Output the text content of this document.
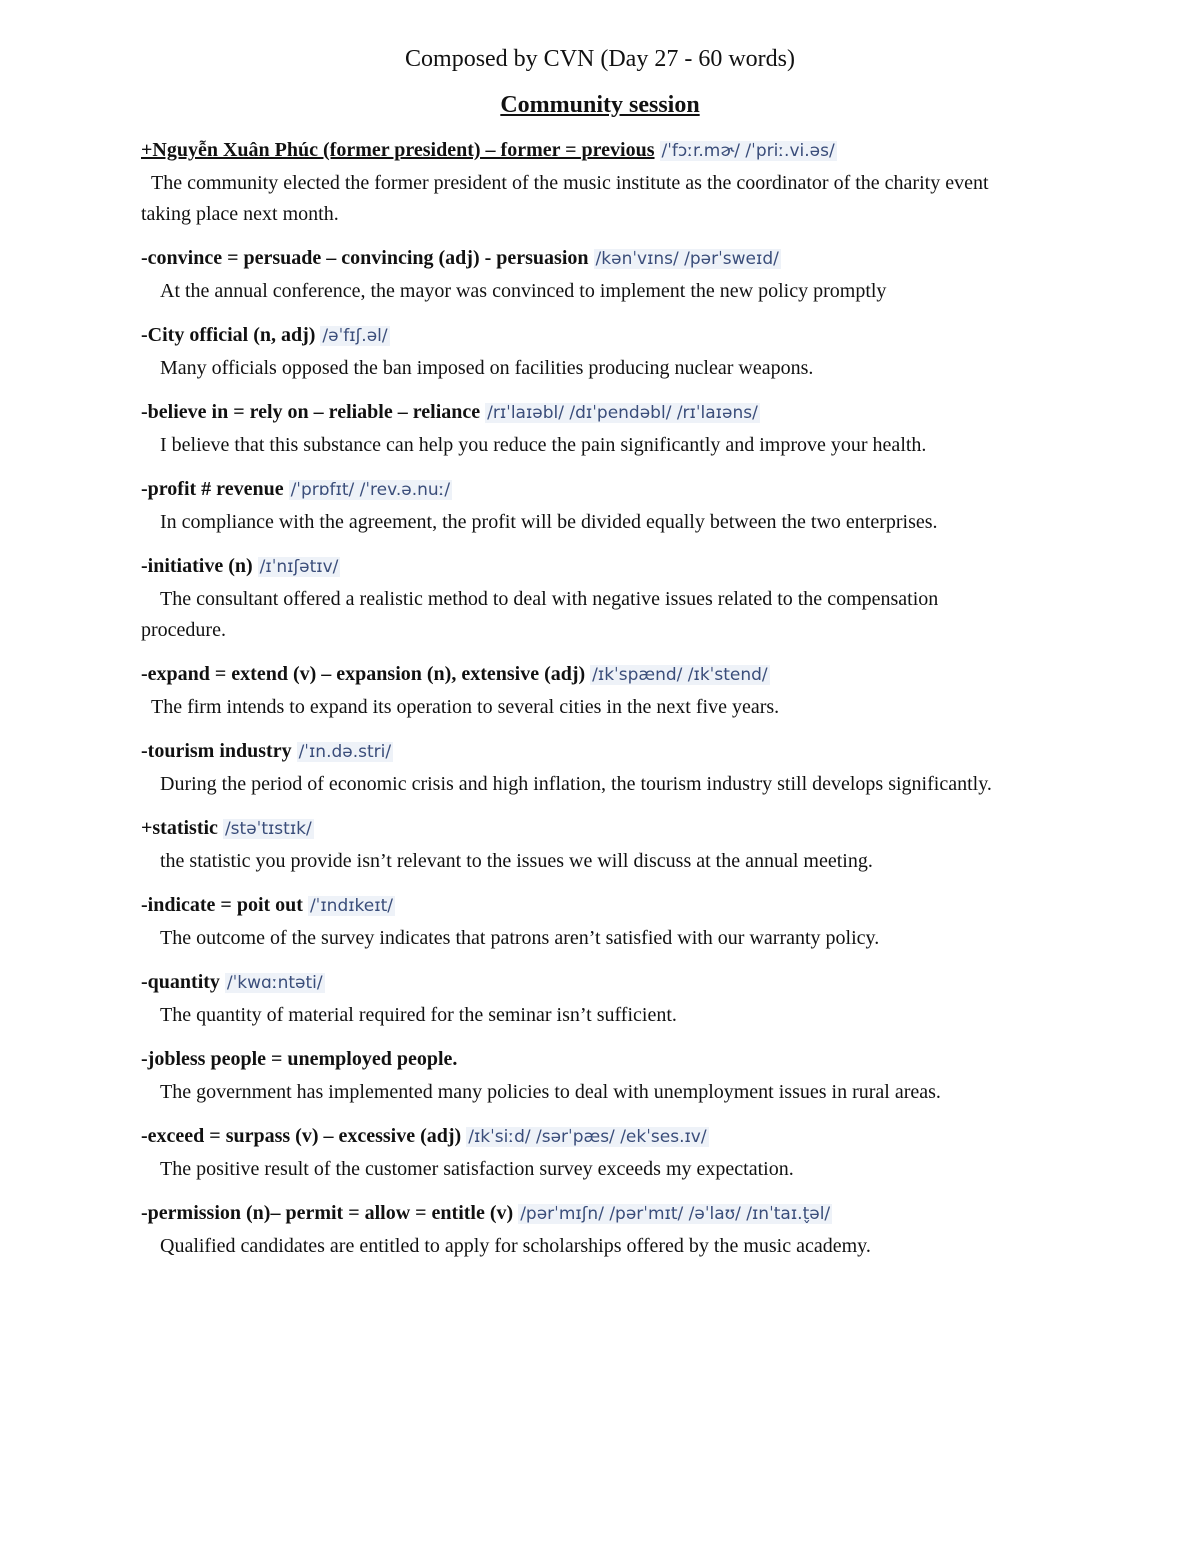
Composed by CVN (Day 27 - 60 words)
Community session

+Nguyễn Xuân Phúc (former president) – former = previous /ˈfɔːr.mɚ/ /ˈpriː.vi.əs/

The community elected the former president of the music institute as the coordinator of the charity event taking place next month.

-convince = persuade – convincing (adj) - persuasion /kənˈvɪns/ /pərˈsweɪd/

At the annual conference, the mayor was convinced to implement the new policy promptly

-City official (n, adj) /əˈfɪʃ.əl/

Many officials opposed the ban imposed on facilities producing nuclear weapons.

-believe in = rely on – reliable – reliance /rɪˈlaɪəbl/ /dɪˈpendəbl/ /rɪˈlaɪəns/

I believe that this substance can help you reduce the pain significantly and improve your health.

-profit # revenue /ˈprɒfɪt/ /ˈrev.ə.nuː/

In compliance with the agreement, the profit will be divided equally between the two enterprises.

-initiative (n) /ɪˈnɪʃətɪv/

The consultant offered a realistic method to deal with negative issues related to the compensation procedure.

-expand = extend (v) – expansion (n), extensive (adj) /ɪkˈspænd/ /ɪkˈstend/

The firm intends to expand its operation to several cities in the next five years.

-tourism industry /ˈɪn.də.stri/

During the period of economic crisis and high inflation, the tourism industry still develops significantly.

+statistic /stəˈtɪstɪk/

the statistic you provide isn’t relevant to the issues we will discuss at the annual meeting.

-indicate = poit out /ˈɪndɪkeɪt/

The outcome of the survey indicates that patrons aren’t satisfied with our warranty policy.

-quantity /ˈkwɑːntəti/

The quantity of material required for the seminar isn’t sufficient.

-jobless people = unemployed people.

The government has implemented many policies to deal with unemployment issues in rural areas.

-exceed = surpass (v) – excessive (adj) /ɪkˈsiːd/ /sərˈpæs/ /ekˈses.ɪv/

The positive result of the customer satisfaction survey exceeds my expectation.

-permission (n)– permit = allow = entitle (v) /pərˈmɪʃn/ /pərˈmɪt/ /əˈlaʊ/ /ɪnˈtaɪ.t̬əl/

Qualified candidates are entitled to apply for scholarships offered by the music academy.
